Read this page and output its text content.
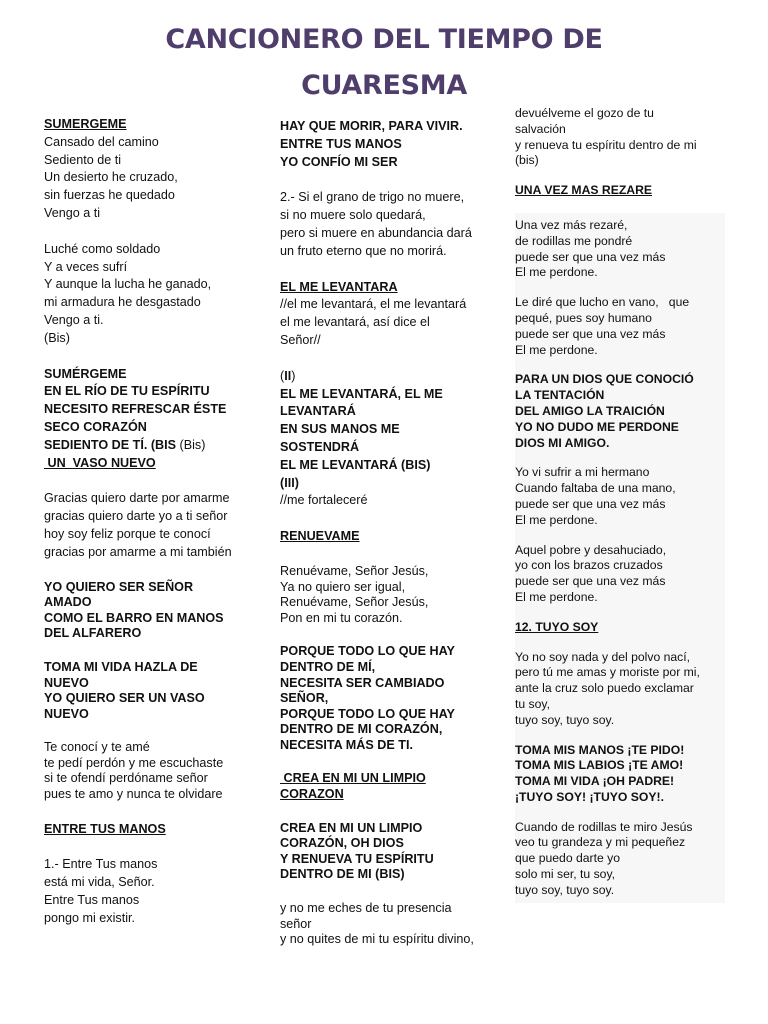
CANCIONERO DEL TIEMPO DE
CUARESMA
SUMERGEME
Cansado del camino
Sediento de ti
Un desierto he cruzado,
sin fuerzas he quedado
Vengo a ti
Luché como soldado
Y a veces sufrí
Y aunque la lucha he ganado,
mi armadura he desgastado
Vengo a ti.
(Bis)
SUMÉRGEME
EN EL RÍO DE TU ESPÍRITU
NECESITO REFRESCAR ÉSTE
SECO CORAZÓN
SEDIENTO DE TÍ. (BIS (Bis)
UN  VASO NUEVO
Gracias quiero darte por amarme
gracias quiero darte yo a ti señor
hoy soy feliz porque te conocí
gracias por amarme a mi también
YO QUIERO SER SEÑOR
AMADO
COMO EL BARRO EN MANOS
DEL ALFARERO
TOMA MI VIDA HAZLA DE
NUEVO
YO QUIERO SER UN VASO
NUEVO
Te conocí y te amé
te pedí perdón y me escuchaste
si te ofendí perdóname señor
pues te amo y nunca te olvidare
ENTRE TUS MANOS
1.- Entre Tus manos
está mi vida, Señor.
Entre Tus manos
pongo mi existir.
HAY QUE MORIR, PARA VIVIR.
ENTRE TUS MANOS
YO CONFÍO MI SER
2.- Si el grano de trigo no muere,
si no muere solo quedará,
pero si muere en abundancia dará
un fruto eterno que no morirá.
EL ME LEVANTARA
//el me levantará, el me levantará
el me levantará, así dice el
Señor//
(II)
EL ME LEVANTARÁ, EL ME
LEVANTARÁ
EN SUS MANOS ME
SOSTENDRÁ
EL ME LEVANTARÁ (BIS)
(III)
//me fortaleceré
RENUEVAME
Renuévame, Señor Jesús,
Ya no quiero ser igual,
Renuévame, Señor Jesús,
Pon en mi tu corazón.
PORQUE TODO LO QUE HAY
DENTRO DE MÍ,
NECESITA SER CAMBIADO
SEÑOR,
PORQUE TODO LO QUE HAY
DENTRO DE MI CORAZÓN,
NECESITA MÁS DE TI.
CREA EN MI UN LIMPIO
CORAZON
CREA EN MI UN LIMPIO
CORAZÓN, OH DIOS
Y RENUEVA TU ESPÍRITU
DENTRO DE MI (BIS)
y no me eches de tu presencia
señor
y no quites de mi tu espíritu divino,
devuélveme el gozo de tu
salvación
y renueva tu espíritu dentro de mi
(bis)
UNA VEZ MAS REZARE
Una vez más rezaré,
de rodillas me pondré
puede ser que una vez más
El me perdone.
Le diré que lucho en vano,   que
pequé, pues soy humano
puede ser que una vez más
El me perdone.
PARA UN DIOS QUE CONOCIÓ
LA TENTACIÓN
DEL AMIGO LA TRAICIÓN
YO NO DUDO ME PERDONE
DIOS MI AMIGO.
Yo vi sufrir a mi hermano
Cuando faltaba de una mano,
puede ser que una vez más
El me perdone.
Aquel pobre y desahuciado,
yo con los brazos cruzados
puede ser que una vez más
El me perdone.
12. TUYO SOY
Yo no soy nada y del polvo nací,
pero tú me amas y moriste por mi,
ante la cruz solo puedo exclamar
tu soy,
tuyo soy, tuyo soy.
TOMA MIS MANOS ¡TE PIDO!
TOMA MIS LABIOS ¡TE AMO!
TOMA MI VIDA ¡OH PADRE!
¡TUYO SOY! ¡TUYO SOY!.
Cuando de rodillas te miro Jesús
veo tu grandeza y mi pequeñez
que puedo darte yo
solo mi ser, tu soy,
tuyo soy, tuyo soy.
